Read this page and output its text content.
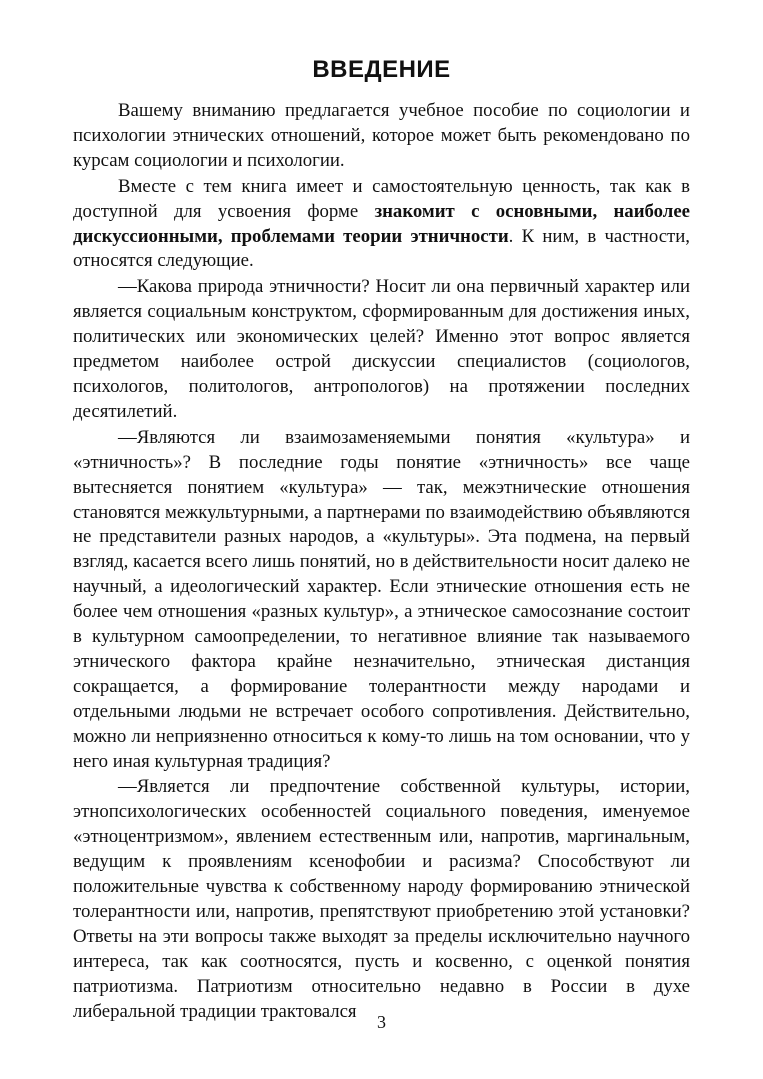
ВВЕДЕНИЕ

Вашему вниманию предлагается учебное пособие по социологии и психологии этнических отношений, которое может быть рекомендовано по курсам социологии и психологии.

Вместе с тем книга имеет и самостоятельную ценность, так как в доступной для усвоения форме знакомит с основными, наиболее дискуссионными, проблемами теории этничности. К ним, в частности, относятся следующие.

—Какова природа этничности? Носит ли она первичный характер или является социальным конструктом, сформированным для достижения иных, политических или экономических целей? Именно этот вопрос является предметом наиболее острой дискуссии специалистов (социологов, психологов, политологов, антропологов) на протяжении последних десятилетий.

—Являются ли взаимозаменяемыми понятия «культура» и «этничность»? В последние годы понятие «этничность» все чаще вытесняется понятием «культура» — так, межэтнические отношения становятся межкультурными, а партнерами по взаимодействию объявляются не представители разных народов, а «культуры». Эта подмена, на первый взгляд, касается всего лишь понятий, но в действительности носит далеко не научный, а идеологический характер. Если этнические отношения есть не более чем отношения «разных культур», а этническое самосознание состоит в культурном самоопределении, то негативное влияние так называемого этнического фактора крайне незначительно, этническая дистанция сокращается, а формирование толерантности между народами и отдельными людьми не встречает особого сопротивления. Действительно, можно ли неприязненно относиться к кому-то лишь на том основании, что у него иная культурная традиция?

—Является ли предпочтение собственной культуры, истории, этнопсихологических особенностей социального поведения, именуемое «этноцентризмом», явлением естественным или, напротив, маргинальным, ведущим к проявлениям ксенофобии и расизма? Способствуют ли положительные чувства к собственному народу формированию этнической толерантности или, напротив, препятствуют приобретению этой установки? Ответы на эти вопросы также выходят за пределы исключительно научного интереса, так как соотносятся, пусть и косвенно, с оценкой понятия патриотизма. Патриотизм относительно недавно в России в духе либеральной традиции трактовался

3
